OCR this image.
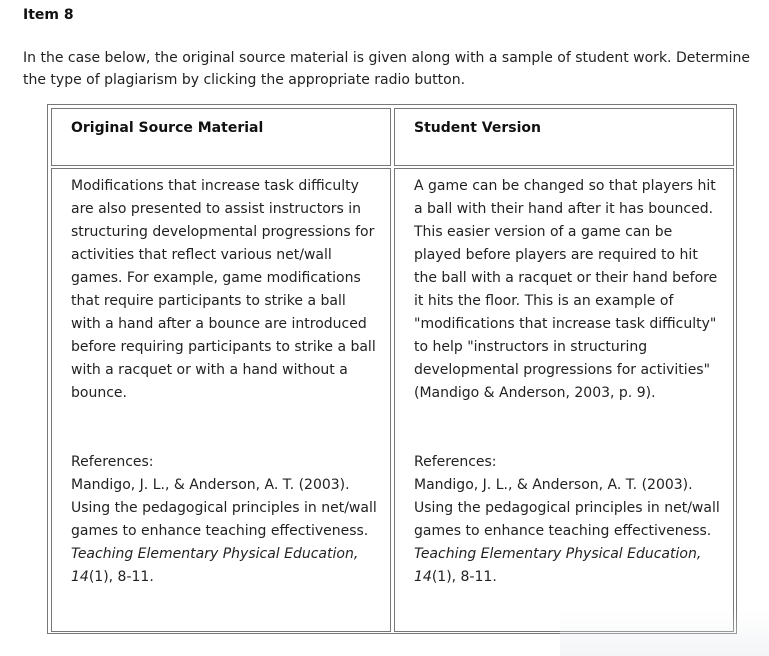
Item 8
In the case below, the original source material is given along with a sample of student work. Determine the type of plagiarism by clicking the appropriate radio button.
Original Source Material	Student Version

Modifications that increase task difficulty are also presented to assist instructors in structuring developmental progressions for activities that reflect various net/wall games. For example, game modifications that require participants to strike a ball with a hand after a bounce are introduced before requiring participants to strike a ball with a racquet or with a hand without a bounce.

References:
Mandigo, J. L., & Anderson, A. T. (2003). Using the pedagogical principles in net/wall games to enhance teaching effectiveness. Teaching Elementary Physical Education, 14(1), 8-11.

A game can be changed so that players hit a ball with their hand after it has bounced. This easier version of a game can be played before players are required to hit the ball with a racquet or their hand before it hits the floor. This is an example of "modifications that increase task difficulty" to help "instructors in structuring developmental progressions for activities" (Mandigo & Anderson, 2003, p. 9).

References:
Mandigo, J. L., & Anderson, A. T. (2003). Using the pedagogical principles in net/wall games to enhance teaching effectiveness. Teaching Elementary Physical Education, 14(1), 8-11.
